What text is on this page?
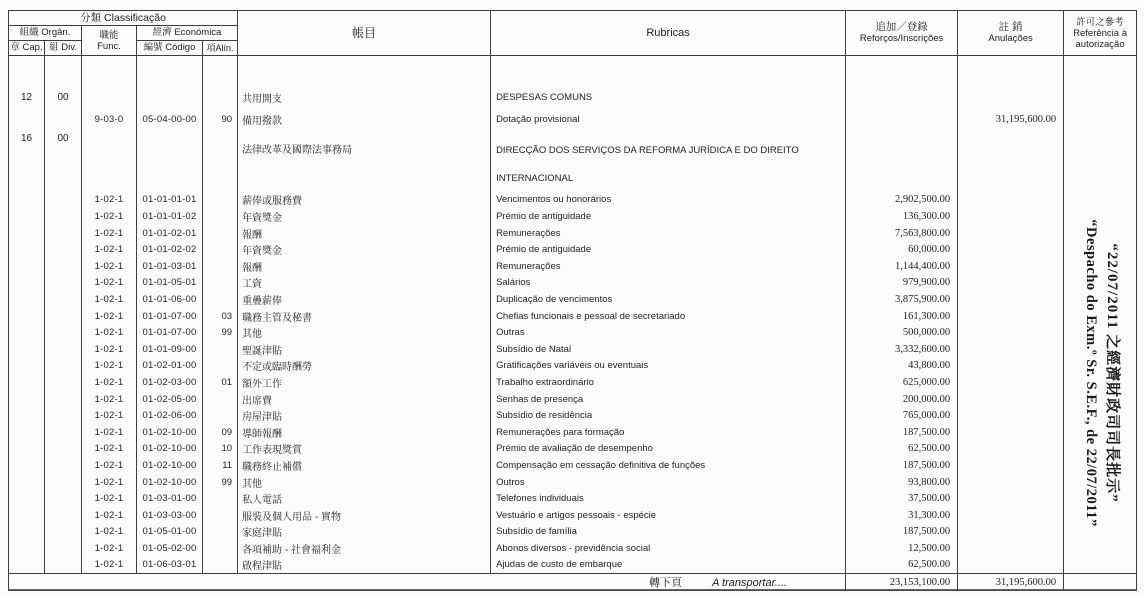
分類 Classificação					帳目	Rubricas	追加／登錄
Reforços/Inscrições	註 銷
Anulações	許可之參考
Referência à
autorização

組織 Orgân.		職能
Func.	經濟 Económica						
章 Cap.	組 Div.		編號 Código	項Alín.					

12	00				共用開支	DESPESAS COMUNS			
		9-03-0	05-04-00-00	90	備用撥款	Dotação provisional		31,195,600.00	
16	00				法律改革及國際法事務局	DIRECÇÃO DOS SERVIÇOS DA REFORMA JURÍDICA E DO DIREITO
INTERNACIONAL			

		1-02-1	01-01-01-01		薪俸或服務費	Vencimentos ou honorários	2,902,500.00		
		1-02-1	01-01-01-02		年資獎金	Prémio de antiguidade	136,300.00		
		1-02-1	01-01-02-01		報酬	Remunerações	7,563,800.00		
		1-02-1	01-01-02-02		年資獎金	Prémio de antiguidade	60,000.00		
		1-02-1	01-01-03-01		報酬	Remunerações	1,144,400.00		
		1-02-1	01-01-05-01		工資	Salários	979,900.00		
		1-02-1	01-01-06-00		重疊薪俸	Duplicação de vencimentos	3,875,900.00		
		1-02-1	01-01-07-00	03	職務主管及秘書	Chefias funcionais e pessoal de secretariado	161,300.00		
		1-02-1	01-01-07-00	99	其他	Outras	500,000.00		
		1-02-1	01-01-09-00		聖誕津貼	Subsídio de Natal	3,332,600.00		
		1-02-1	01-02-01-00		不定或臨時酬勞	Gratificações variáveis ou eventuais	43,800.00		
		1-02-1	01-02-03-00	01	額外工作	Trabalho extraordinário	625,000.00		
		1-02-1	01-02-05-00		出席費	Senhas de presença	200,000.00		
		1-02-1	01-02-06-00		房屋津貼	Subsídio de residência	765,000.00		
		1-02-1	01-02-10-00	09	導師報酬	Remunerações para formação	187,500.00		
		1-02-1	01-02-10-00	10	工作表現獎賞	Prémio de avaliação de desempenho	62,500.00		
		1-02-1	01-02-10-00	11	職務終止補償	Compensação em cessação definitiva de funções	187,500.00		
		1-02-1	01-02-10-00	99	其他	Outros	93,800.00		
		1-02-1	01-03-01-00		私人電話	Telefones individuais	37,500.00		
		1-02-1	01-03-03-00		服裝及個人用品 - 實物	Vestuário e artigos pessoais - espécie	31,300.00		
		1-02-1	01-05-01-00		家庭津貼	Subsídio de família	187,500.00		
		1-02-1	01-05-02-00		各項補助 - 社會福利金	Abonos diversos - previdência social	12,500.00		
		1-02-1	01-06-03-01		啟程津貼	Ajudas de custo de embarque	62,500.00		
轉下頁 A transportar....							23,153,100.00	31,195,600.00	
“22/07/2011 之經濟財政司司長批示”
“Despacho do Exm.º Sr. S.E.F., de 22/07/2011”
